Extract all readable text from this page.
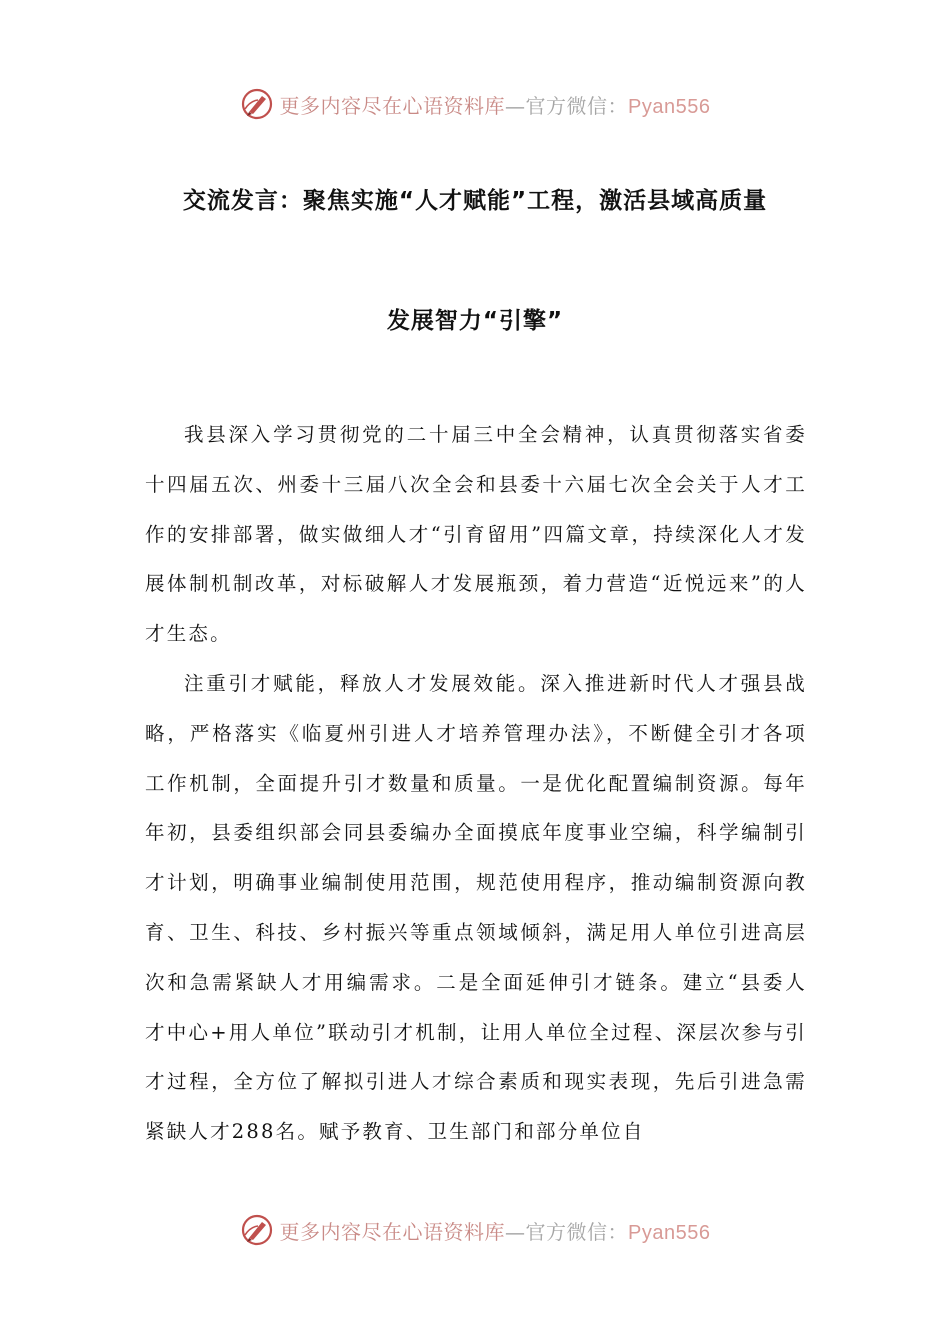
更多内容尽在心语资料库—官方微信：Pyan556
交流发言：聚焦实施“人才赋能”工程，激活县域高质量
发展智力“引擎”

我县深入学习贯彻党的二十届三中全会精神，认真贯彻落实省委十四届五次、州委十三届八次全会和县委十六届七次全会关于人才工作的安排部署，做实做细人才“引育留用”四篇文章，持续深化人才发展体制机制改革，对标破解人才发展瓶颈，着力营造“近悦远来”的人才生态。

注重引才赋能，释放人才发展效能。深入推进新时代人才强县战略，严格落实《临夏州引进人才培养管理办法》，不断健全引才各项工作机制，全面提升引才数量和质量。一是优化配置编制资源。每年年初，县委组织部会同县委编办全面摸底年度事业空编，科学编制引才计划，明确事业编制使用范围，规范使用程序，推动编制资源向教育、卫生、科技、乡村振兴等重点领域倾斜，满足用人单位引进高层次和急需紧缺人才用编需求。二是全面延伸引才链条。建立“县委人才中心+用人单位”联动引才机制，让用人单位全过程、深层次参与引才过程，全方位了解拟引进人才综合素质和现实表现，先后引进急需紧缺人才288名。赋予教育、卫生部门和部分单位自

更多内容尽在心语资料库—官方微信：Pyan556
